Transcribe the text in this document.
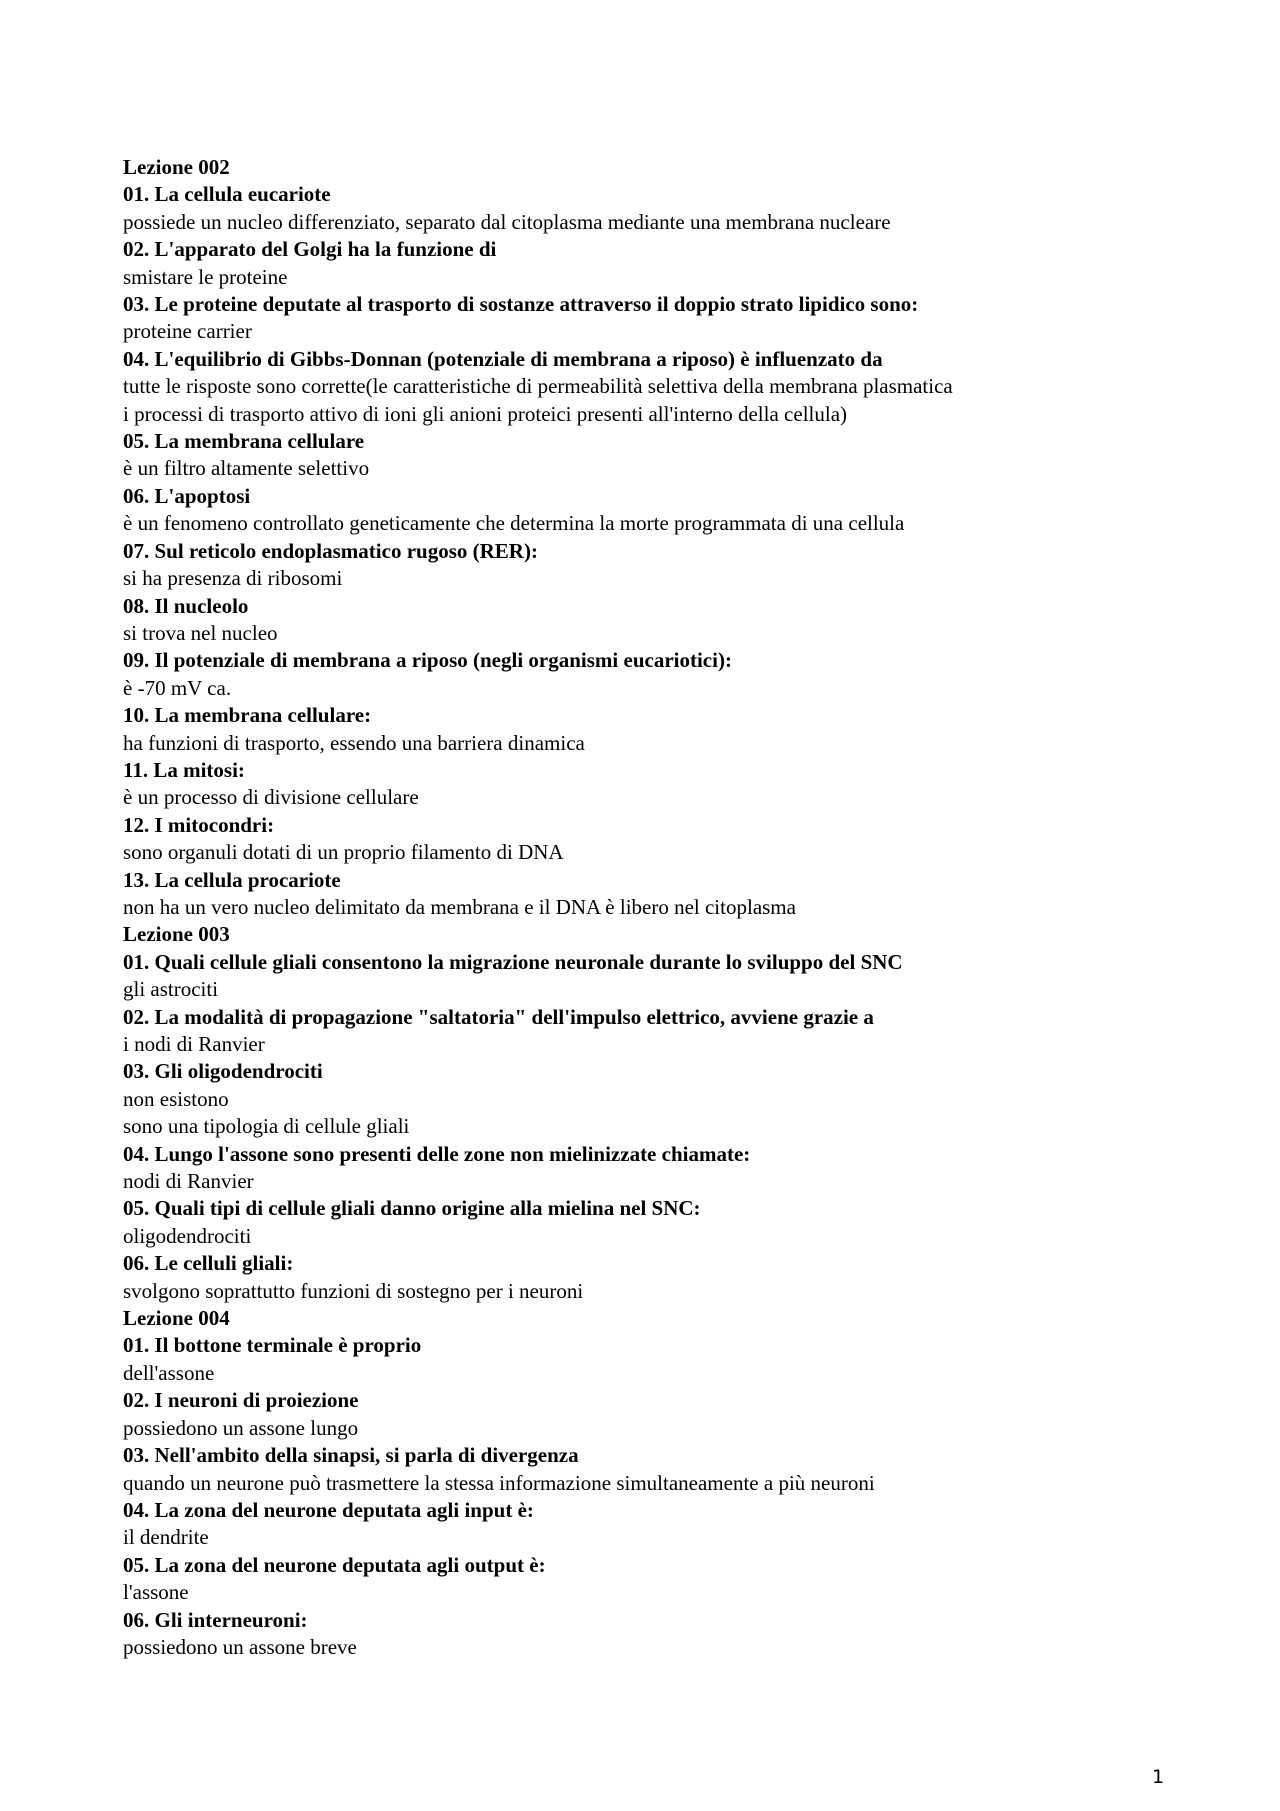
Lezione 002
01. La cellula eucariote
possiede un nucleo differenziato, separato dal citoplasma mediante una membrana nucleare
02. L'apparato del Golgi ha la funzione di
smistare le proteine
03. Le proteine deputate al trasporto di sostanze attraverso il doppio strato lipidico sono:
proteine carrier
04. L'equilibrio di Gibbs-Donnan (potenziale di membrana a riposo) è influenzato da
tutte le risposte sono corrette(le caratteristiche di permeabilità selettiva della membrana plasmatica
i processi di trasporto attivo di ioni gli anioni proteici presenti all'interno della cellula)
05. La membrana cellulare
è un filtro altamente selettivo
06. L'apoptosi
è un fenomeno controllato geneticamente che determina la morte programmata di una cellula
07. Sul reticolo endoplasmatico rugoso (RER):
si ha presenza di ribosomi
08. Il nucleolo
si trova nel nucleo
09. Il potenziale di membrana a riposo (negli organismi eucariotici):
è -70 mV ca.
10. La membrana cellulare:
ha funzioni di trasporto, essendo una barriera dinamica
11. La mitosi:
è un processo di divisione cellulare
12. I mitocondri:
sono organuli dotati di un proprio filamento di DNA
13. La cellula procariote
non ha un vero nucleo delimitato da membrana e il DNA è libero nel citoplasma
Lezione 003
01. Quali cellule gliali consentono la migrazione neuronale durante lo sviluppo del SNC
gli astrociti
02. La modalità di propagazione "saltatoria" dell'impulso elettrico, avviene grazie a
i nodi di Ranvier
03. Gli oligodendrociti
non esistono
sono una tipologia di cellule gliali
04. Lungo l'assone sono presenti delle zone non mielinizzate chiamate:
nodi di Ranvier
05. Quali tipi di cellule gliali danno origine alla mielina nel SNC:
oligodendrociti
06. Le celluli gliali:
svolgono soprattutto funzioni di sostegno per i neuroni
Lezione 004
01. Il bottone terminale è proprio
dell'assone
02. I neuroni di proiezione
possiedono un assone lungo
03. Nell'ambito della sinapsi, si parla di divergenza
quando un neurone può trasmettere la stessa informazione simultaneamente a più neuroni
04. La zona del neurone deputata agli input è:
il dendrite
05. La zona del neurone deputata agli output è:
l'assone
06. Gli interneuroni:
possiedono un assone breve
1
